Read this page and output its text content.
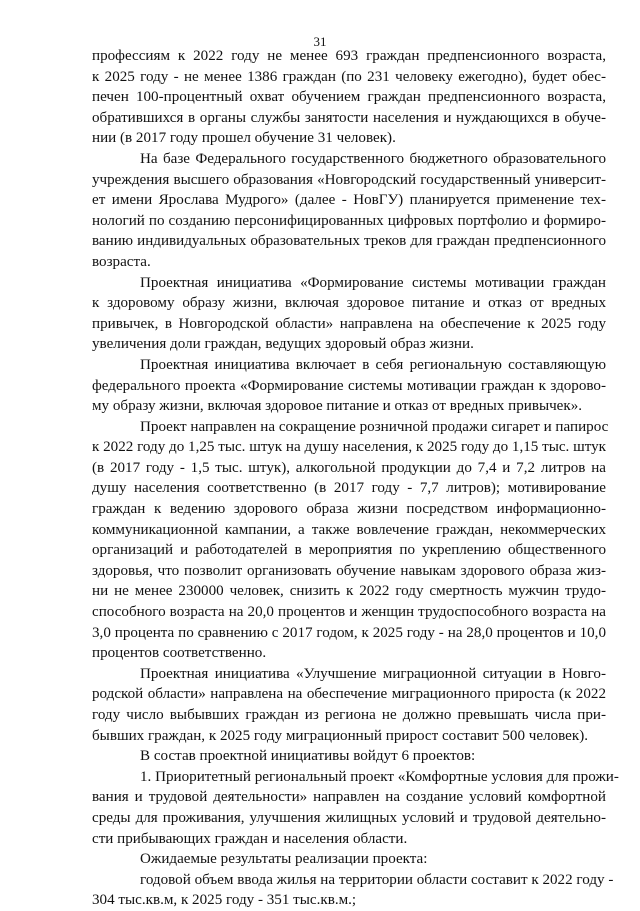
31

профессиям к 2022 году не менее 693 граждан предпенсионного возраста,
к 2025 году - не менее 1386 граждан (по 231 человеку ежегодно), будет обес-
печен 100-процентный охват обучением граждан предпенсионного возраста,
обратившихся в органы службы занятости населения и нуждающихся в обуче-
нии (в 2017 году прошел обучение 31 человек).

На базе Федерального государственного бюджетного образовательного
учреждения высшего образования «Новгородский государственный университ-
ет имени Ярослава Мудрого» (далее - НовГУ) планируется применение тех-
нологий по созданию персонифицированных цифровых портфолио и формиро-
ванию индивидуальных образовательных треков для граждан предпенсионного
возраста.

Проектная инициатива «Формирование системы мотивации граждан
к здоровому образу жизни, включая здоровое питание и отказ от вредных
привычек, в Новгородской области» направлена на обеспечение к 2025 году
увеличения доли граждан, ведущих здоровый образ жизни.

Проектная инициатива включает в себя региональную составляющую
федерального проекта «Формирование системы мотивации граждан к здорово-
му образу жизни, включая здоровое питание и отказ от вредных привычек».

Проект направлен на сокращение розничной продажи сигарет и папирос
к 2022 году до 1,25 тыс. штук на душу населения, к 2025 году до 1,15 тыс. штук
(в 2017 году - 1,5 тыс. штук), алкогольной продукции до 7,4 и 7,2 литров на
душу населения соответственно (в 2017 году - 7,7 литров); мотивирование
граждан к ведению здорового образа жизни посредством информационно-
коммуникационной кампании, а также вовлечение граждан, некоммерческих
организаций и работодателей в мероприятия по укреплению общественного
здоровья, что позволит организовать обучение навыкам здорового образа жиз-
ни не менее 230000 человек, снизить к 2022 году смертность мужчин трудо-
способного возраста на 20,0 процентов и женщин трудоспособного возраста на
3,0 процента по сравнению с 2017 годом, к 2025 году - на 28,0 процентов и 10,0
процентов соответственно.

Проектная инициатива «Улучшение миграционной ситуации в Новго-
родской области» направлена на обеспечение миграционного прироста (к 2022
году число выбывших граждан из региона не должно превышать числа при-
бывших граждан, к 2025 году миграционный прирост составит 500 человек).

В состав проектной инициативы войдут 6 проектов:

1. Приоритетный региональный проект «Комфортные условия для прожи-
вания и трудовой деятельности» направлен на создание условий комфортной
среды для проживания, улучшения жилищных условий и трудовой деятельно-
сти прибывающих граждан и населения области.

Ожидаемые результаты реализации проекта:

годовой объем ввода жилья на территории области составит к 2022 году -
304 тыс.кв.м, к 2025 году - 351 тыс.кв.м.;
